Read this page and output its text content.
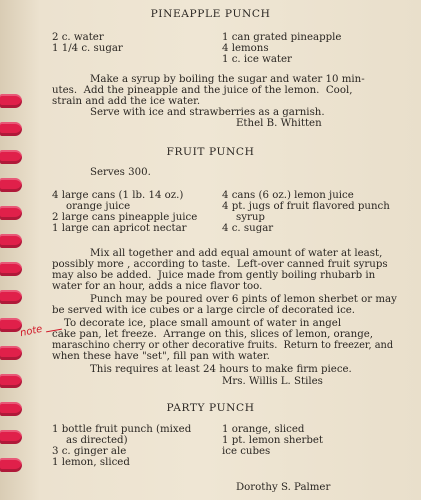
PINEAPPLE PUNCH
2 c. water
1 1/4 c. sugar
1 can grated pineapple
4 lemons
1 c. ice water
Make a syrup by boiling the sugar and water 10 min-
utes.  Add the pineapple and the juice of the lemon.  Cool,
strain and add the ice water.
Serve with ice and strawberries as a garnish.
Ethel B. Whitten
FRUIT PUNCH
Serves 300.
4 large cans (1 lb. 14 oz.)
orange juice
2 large cans pineapple juice
1 large can apricot nectar
4 cans (6 oz.) lemon juice
4 pt. jugs of fruit flavored punch
syrup
4 c. sugar
Mix all together and add equal amount of water at least,
possibly more , according to taste.  Left-over canned fruit syrups
may also be added.  Juice made from gently boiling rhubarb in
water for an hour, adds a nice flavor too.
Punch may be poured over 6 pints of lemon sherbet or may
be served with ice cubes or a large circle of decorated ice.
note
To decorate ice, place small amount of water in angel
cake pan, let freeze.  Arrange on this, slices of lemon, orange,
maraschino cherry or other decorative fruits.  Return to freezer, and
when these have "set", fill pan with water.
This requires at least 24 hours to make firm piece.
Mrs. Willis L. Stiles
PARTY PUNCH
1 bottle fruit punch (mixed
as directed)
3 c. ginger ale
1 lemon, sliced
1 orange, sliced
1 pt. lemon sherbet
ice cubes
Dorothy S. Palmer
